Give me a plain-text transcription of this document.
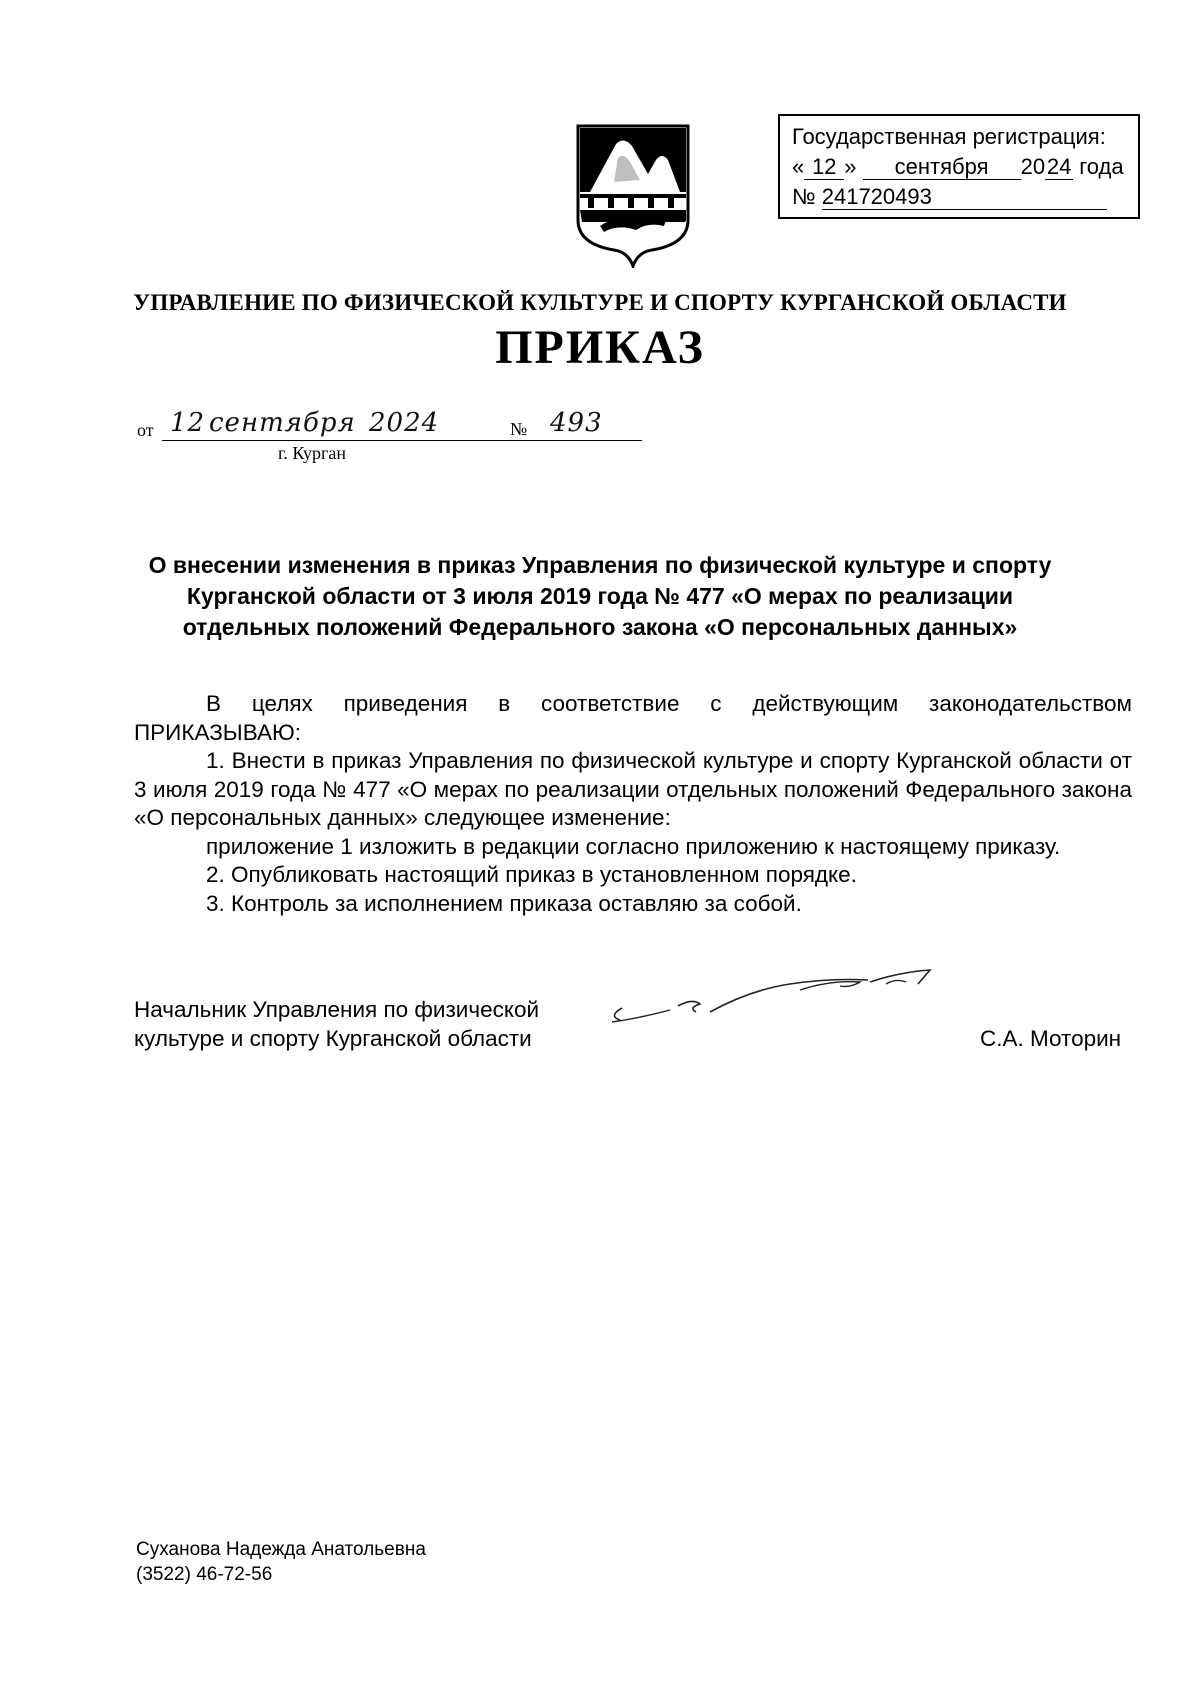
Государственная регистрация:
« 12 » сентября 2024 года
№ 241720493
УПРАВЛЕНИЕ ПО ФИЗИЧЕСКОЙ КУЛЬТУРЕ И СПОРТУ КУРГАНСКОЙ ОБЛАСТИ
ПРИКАЗ
от 12 сентября 2024	№ 493
г. Курган
О внесении изменения в приказ Управления по физической культуре и спорту Курганской области от 3 июля 2019 года № 477 «О мерах по реализации отдельных положений Федерального закона «О персональных данных»

В целях приведения в соответствие с действующим законодательством ПРИКАЗЫВАЮ:

1. Внести в приказ Управления по физической культуре и спорту Курганской области от 3 июля 2019 года № 477 «О мерах по реализации отдельных положений Федерального закона «О персональных данных» следующее изменение:

приложение 1 изложить в редакции согласно приложению к настоящему приказу.

2. Опубликовать настоящий приказ в установленном порядке.

3. Контроль за исполнением приказа оставляю за собой.

Начальник Управления по физической
культуре и спорту Курганской области	С.А. Моторин
Суханова Надежда Анатольевна
(3522) 46-72-56
